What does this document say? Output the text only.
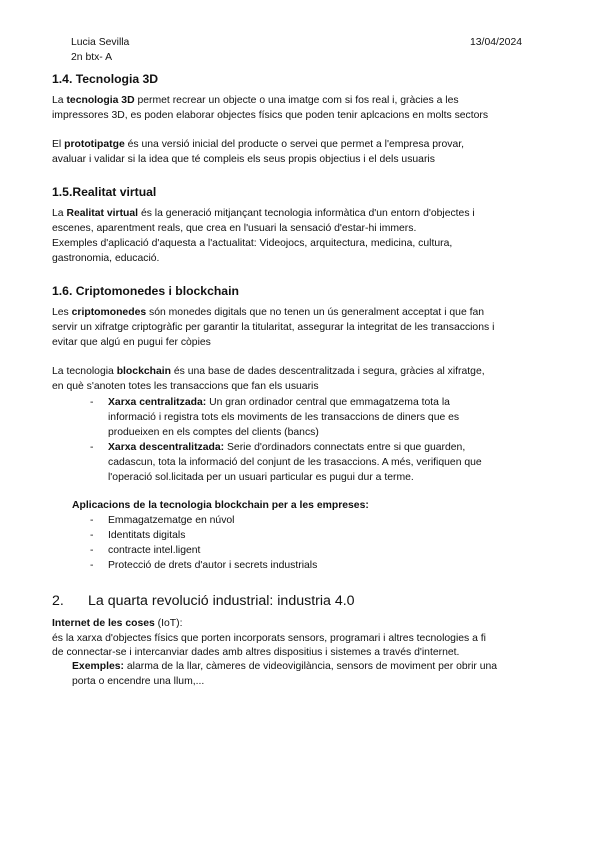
Lucia Sevilla	13/04/2024
2n btx- A
1.4. Tecnologia 3D
La tecnologia 3D permet recrear un objecte o una imatge com si fos real i, gràcies a les
impressores 3D, es poden elaborar objectes físics que poden tenir aplcacions en molts sectors
El prototipatge és una versió inicial del producte o servei que permet a l'empresa provar,
avaluar i validar si la idea que té compleis els seus propis objectius i el dels usuaris
1.5.Realitat virtual
La Realitat virtual és la generació mitjançant tecnologia informàtica d'un entorn d'objectes i
escenes, aparentment reals, que crea en l'usuari la sensació d'estar-hi immers.
Exemples d'aplicació d'aquesta a l'actualitat: Videojocs, arquitectura, medicina, cultura,
gastronomia, educació.
1.6. Criptomonedes i blockchain
Les criptomonedes són monedes digitals que no tenen un ús generalment acceptat i que fan
servir un xifratge criptogràfic per garantir la titularitat, assegurar la integritat de les transaccions i
evitar que algú en pugui fer còpies
La tecnologia blockchain és una base de dades descentralitzada i segura, gràcies al xifratge,
en què s'anoten totes les transaccions que fan els usuaris
- Xarxa centralitzada: Un gran ordinador central que emmagatzema tota la
informació i registra tots els moviments de les transaccions de diners que es
produeixen en els comptes del clients (bancs)
- Xarxa descentralitzada: Serie d'ordinadors connectats entre si que guarden,
cadascun, tota la informació del conjunt de les trasaccions. A més, verifiquen que
l'operació sol.licitada per un usuari particular es pugui dur a terme.
Aplicacions de la tecnologia blockchain per a les empreses:
- Emmagatzematge en núvol
- Identitats digitals
- contracte intel.ligent
- Protecció de drets d'autor i secrets industrials
2. La quarta revolució industrial: industria 4.0
Internet de les coses (IoT):
és la xarxa d'objectes físics que porten incorporats sensors, programari i altres tecnologies a fi
de connectar-se i intercanviar dades amb altres dispositius i sistemes a través d'internet.
Exemples: alarma de la llar, càmeres de videovigilància, sensors de moviment per obrir una
porta o encendre una llum,...
